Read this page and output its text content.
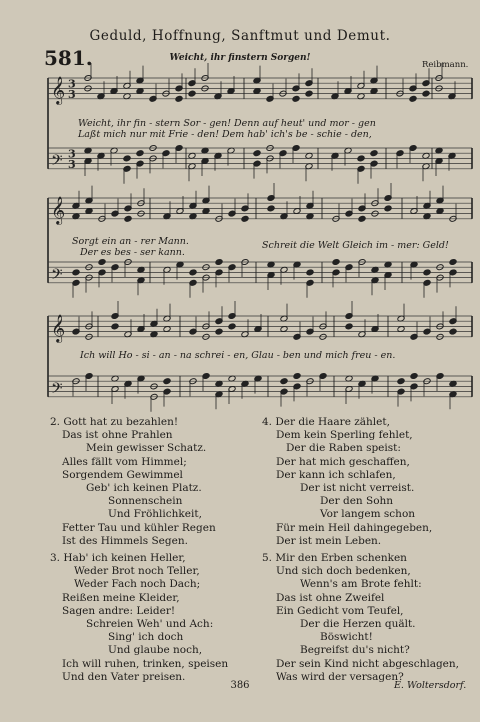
Geduld, Hoffnung, Sanftmut und Demut.
581.	Weicht, ihr finstern Sorgen!
Reibmann.
𝄞 3
3
𝄢 3
3
𝄞
𝄢
𝄞
𝄢
Weicht, ihr fin - stern Sor - gen! Denn auf heut' und mor - gen
Laßt mich nur mit Frie - den! Dem hab' ich's be - schie - den,
Sorgt ein an - rer Mann.
Der es bes - ser kann.
Schreit die Welt Gleich im - mer: Geld!
Ich will Ho - si - an - na schrei - en, Glau - ben und mich freu - en.
2. Gott hat zu bezahlen!
Das ist ohne Prahlen
Mein gewisser Schatz.
Alles fällt vom Himmel;
Sorgendem Gewimmel
Geb' ich keinen Platz.
Sonnenschein
Und Fröhlichkeit,
Fetter Tau und kühler Regen
Ist des Himmels Segen.
3. Hab' ich keinen Heller,
Weder Brot noch Teller,
Weder Fach noch Dach;
Reißen meine Kleider,
Sagen andre: Leider!
Schreien Weh' und Ach:
Sing' ich doch
Und glaube noch,
Ich will ruhen, trinken, speisen
Und den Vater preisen.
4. Der die Haare zählet,
Dem kein Sperling fehlet,
Der die Raben speist:
Der hat mich geschaffen,
Der kann ich schlafen,
Der ist nicht verreist.
Der den Sohn
Vor langem schon
Für mein Heil dahingegeben,
Der ist mein Leben.
5. Mir den Erben schenken
Und sich doch bedenken,
Wenn's am Brote fehlt:
Das ist ohne Zweifel
Ein Gedicht vom Teufel,
Der die Herzen quält.
Böswicht!
Begreifst du's nicht?
Der sein Kind nicht abgeschlagen,
Was wird der versagen?
386	E. Woltersdorf.
